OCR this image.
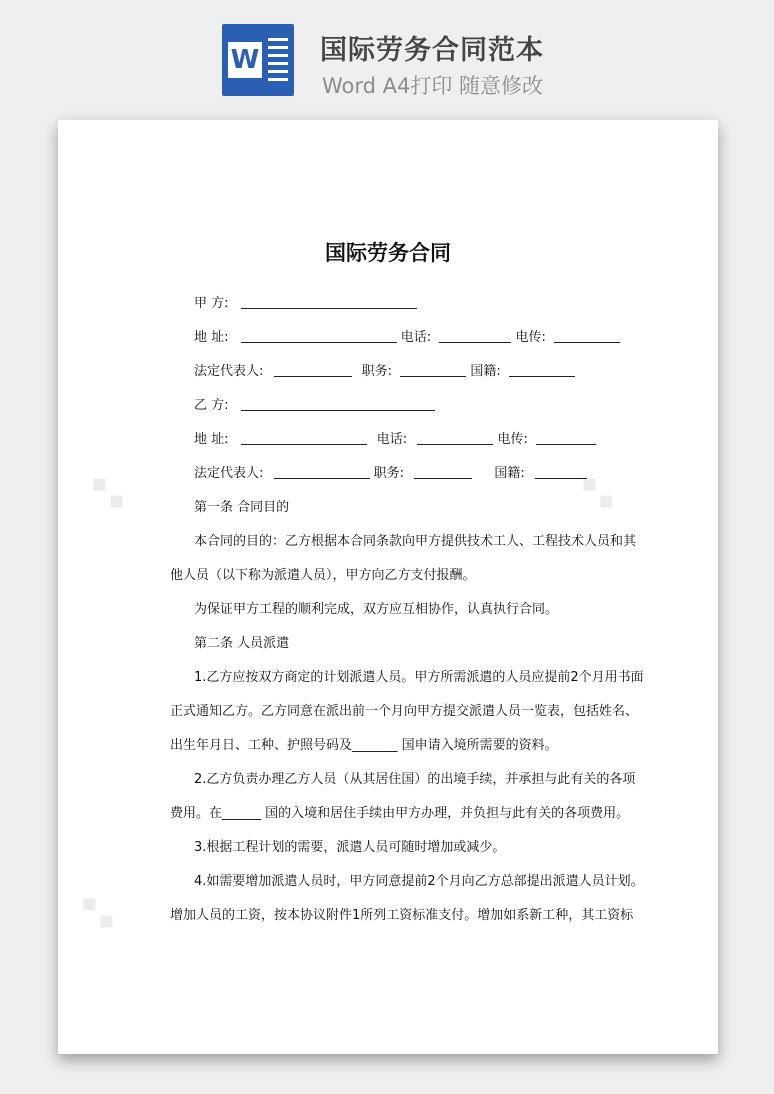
W 国际劳务合同范本
Word A4打印 随意修改
◆ ◆	◆ ◆
◆ ◆
国际劳务合同
甲 方:
地 址:	电话:	电传:
法定代表人:	职务:	国籍:
乙 方:
地 址:	电话:	电传:
法定代表人:	职务:	国籍:
第一条 合同目的
本合同的目的：乙方根据本合同条款向甲方提供技术工人、工程技术人员和其
他人员（以下称为派遣人员），甲方向乙方支付报酬。
为保证甲方工程的顺利完成，双方应互相协作，认真执行合同。
第二条 人员派遣
1.乙方应按双方商定的计划派遣人员。甲方所需派遣的人员应提前2个月用书面
正式通知乙方。乙方同意在派出前一个月向甲方提交派遣人员一览表，包括姓名、
出生年月日、工种、护照号码及_______ 国申请入境所需要的资料。
2.乙方负责办理乙方人员（从其居住国）的出境手续，并承担与此有关的各项
费用。在______ 国的入境和居住手续由甲方办理，并负担与此有关的各项费用。
3.根据工程计划的需要，派遣人员可随时增加或减少。
4.如需要增加派遣人员时，甲方同意提前2个月向乙方总部提出派遣人员计划。
增加人员的工资，按本协议附件1所列工资标准支付。增加如系新工种，其工资标
